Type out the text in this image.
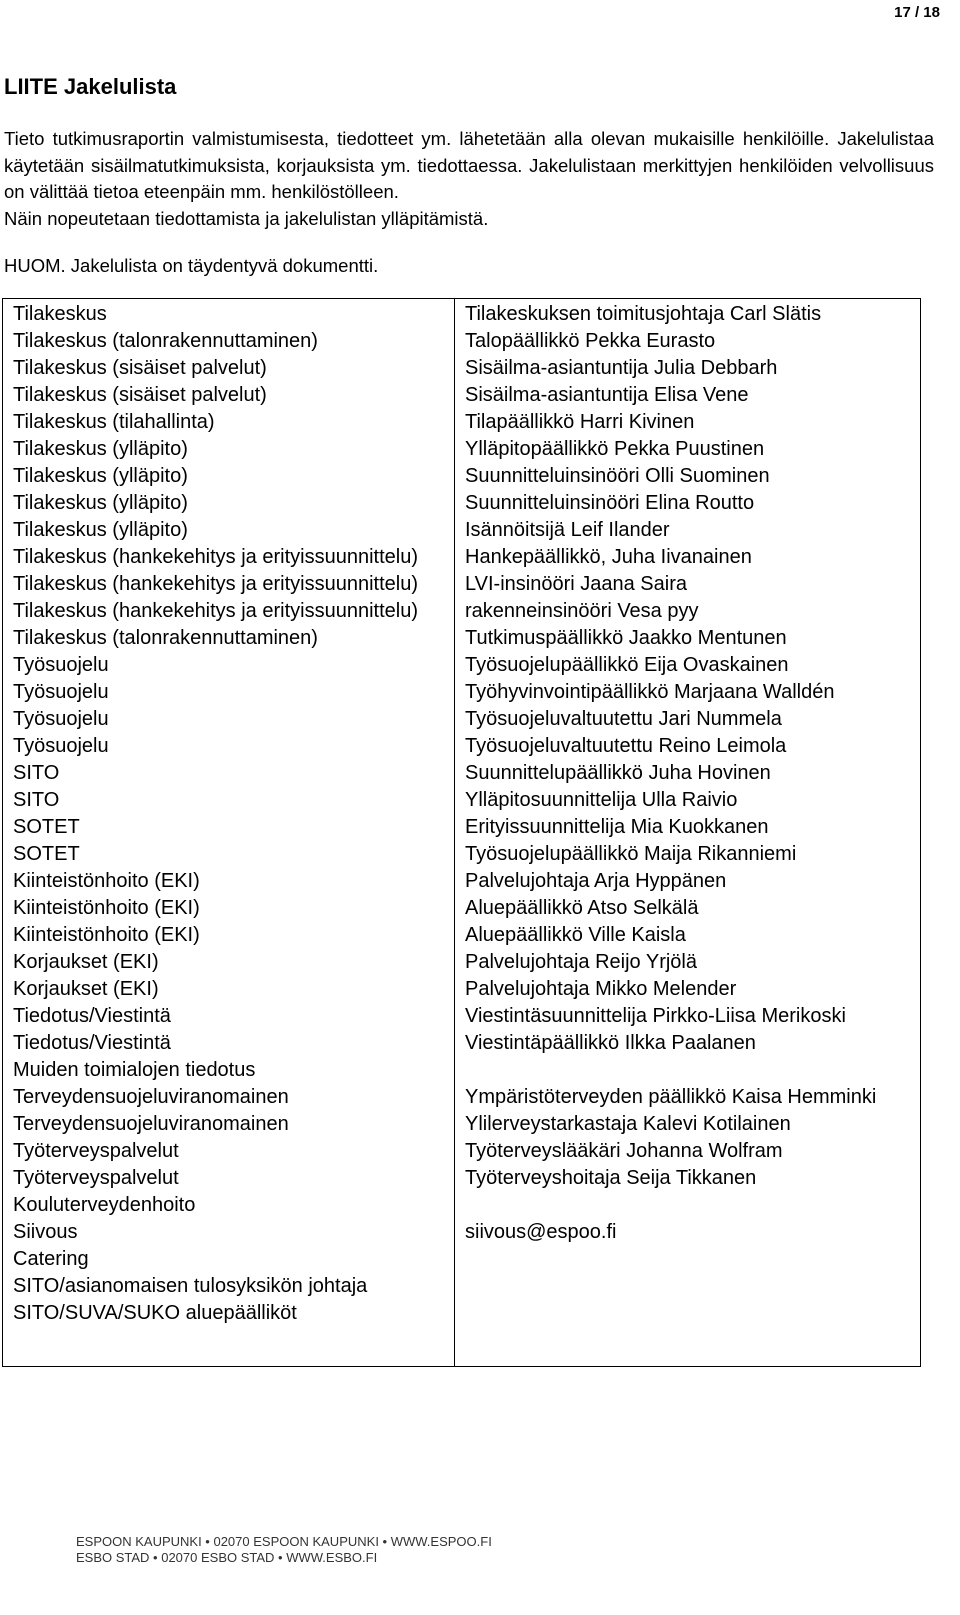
17 / 18
LIITE Jakelulista

Tieto tutkimusraportin valmistumisesta, tiedotteet ym. lähetetään alla olevan mukaisille henkilöille. Jakelulistaa käytetään sisäilmatutkimuksista, korjauksista ym. tiedottaessa. Jakelulistaan merkittyjen henkilöiden velvollisuus on välittää tietoa eteenpäin mm. henkilöstölleen.

Näin nopeutetaan tiedottamista ja jakelulistan ylläpitämistä.

HUOM. Jakelulista on täydentyvä dokumentti.
Tilakeskus	Tilakeskuksen toimitusjohtaja Carl Slätis
Tilakeskus (talonrakennuttaminen)	Talopäällikkö Pekka Eurasto
Tilakeskus (sisäiset palvelut)	Sisäilma-asiantuntija Julia Debbarh
Tilakeskus (sisäiset palvelut)	Sisäilma-asiantuntija Elisa Vene
Tilakeskus (tilahallinta)	Tilapäällikkö Harri Kivinen
Tilakeskus (ylläpito)	Ylläpitopäällikkö Pekka Puustinen
Tilakeskus (ylläpito)	Suunnitteluinsinööri Olli Suominen
Tilakeskus (ylläpito)	Suunnitteluinsinööri Elina Routto
Tilakeskus (ylläpito)	Isännöitsijä Leif Ilander
Tilakeskus (hankekehitys ja erityissuunnittelu)	Hankepäällikkö, Juha Iivanainen
Tilakeskus (hankekehitys ja erityissuunnittelu)	LVI-insinööri Jaana Saira
Tilakeskus (hankekehitys ja erityissuunnittelu)	rakenneinsinööri Vesa pyy
Tilakeskus (talonrakennuttaminen)	Tutkimuspäällikkö Jaakko Mentunen
Työsuojelu	Työsuojelupäällikkö Eija Ovaskainen
Työsuojelu	Työhyvinvointipäällikkö Marjaana Walldén
Työsuojelu	Työsuojeluvaltuutettu Jari Nummela
Työsuojelu	Työsuojeluvaltuutettu Reino Leimola
SITO	Suunnittelupäällikkö Juha Hovinen
SITO	Ylläpitosuunnittelija Ulla Raivio
SOTET	Erityissuunnittelija Mia Kuokkanen
SOTET	Työsuojelupäällikkö Maija Rikanniemi
Kiinteistönhoito (EKI)	Palvelujohtaja Arja Hyppänen
Kiinteistönhoito (EKI)	Aluepäällikkö Atso Selkälä
Kiinteistönhoito (EKI)	Aluepäällikkö Ville Kaisla
Korjaukset (EKI)	Palvelujohtaja Reijo Yrjölä
Korjaukset (EKI)	Palvelujohtaja Mikko Melender
Tiedotus/Viestintä	Viestintäsuunnittelija Pirkko-Liisa Merikoski
Tiedotus/Viestintä	Viestintäpäällikkö Ilkka Paalanen
Muiden toimialojen tiedotus	
Terveydensuojeluviranomainen	Ympäristöterveyden päällikkö Kaisa Hemminki
Terveydensuojeluviranomainen	Ylilerveystarkastaja Kalevi Kotilainen
Työterveyspalvelut	Työterveyslääkäri Johanna Wolfram
Työterveyspalvelut	Työterveyshoitaja Seija Tikkanen
Kouluterveydenhoito	
Siivous	siivous@espoo.fi
Catering	
SITO/asianomaisen tulosyksikön johtaja	
SITO/SUVA/SUKO aluepäälliköt	
ESPOON KAUPUNKI • 02070 ESPOON KAUPUNKI • WWW.ESPOO.FI
ESBO STAD • 02070 ESBO STAD • WWW.ESBO.FI
